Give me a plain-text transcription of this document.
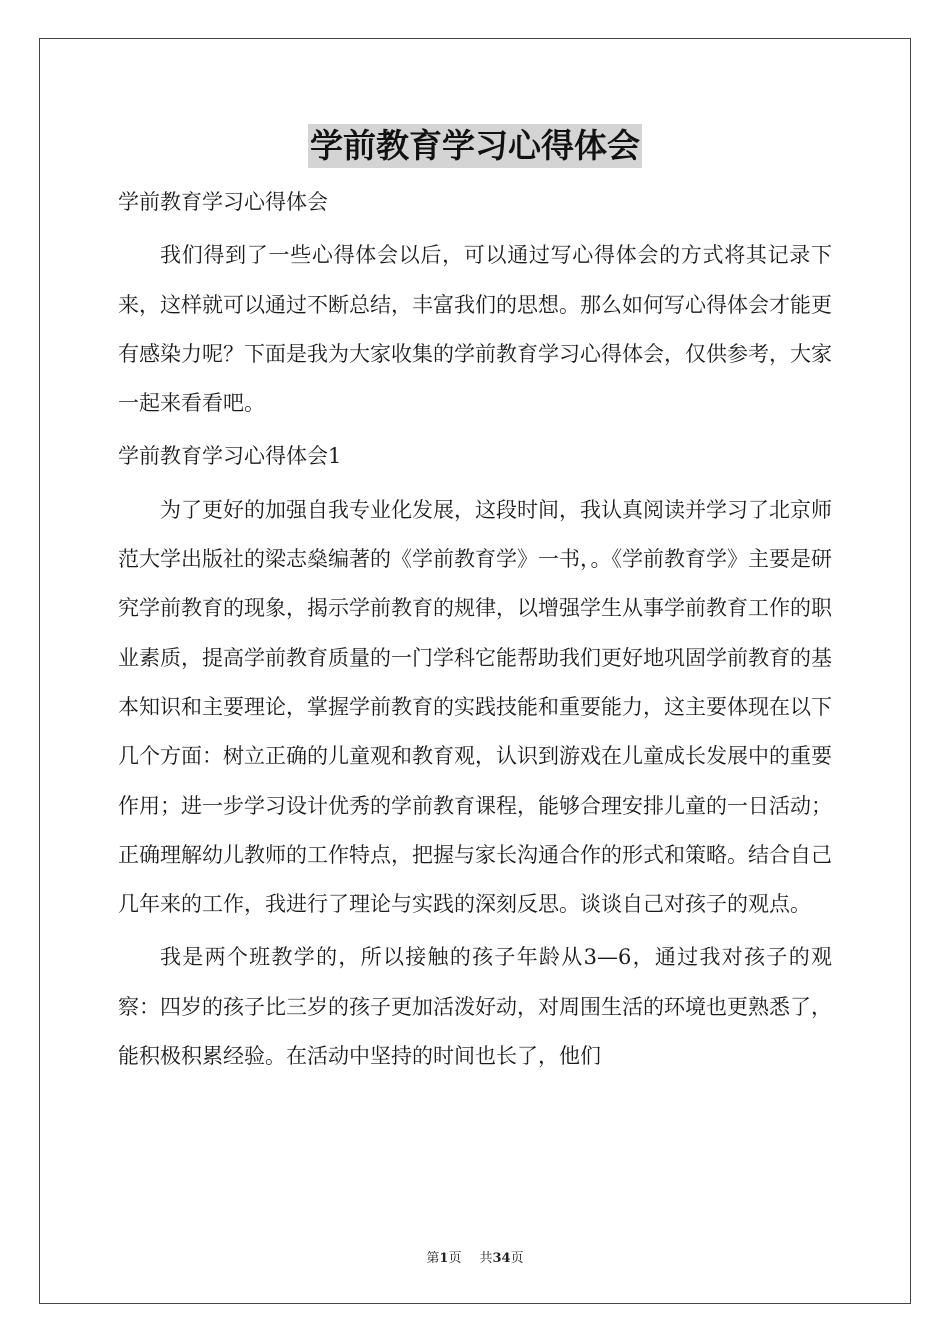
学前教育学习心得体会

学前教育学习心得体会

我们得到了一些心得体会以后，可以通过写心得体会的方式将其记录下来，这样就可以通过不断总结，丰富我们的思想。那么如何写心得体会才能更有感染力呢？下面是我为大家收集的学前教育学习心得体会，仅供参考，大家一起来看看吧。

学前教育学习心得体会1

为了更好的加强自我专业化发展，这段时间，我认真阅读并学习了北京师范大学出版社的梁志燊编著的《学前教育学》一书，。《学前教育学》主要是研究学前教育的现象，揭示学前教育的规律，以增强学生从事学前教育工作的职业素质，提高学前教育质量的一门学科它能帮助我们更好地巩固学前教育的基本知识和主要理论，掌握学前教育的实践技能和重要能力，这主要体现在以下几个方面：树立正确的儿童观和教育观，认识到游戏在儿童成长发展中的重要作用；进一步学习设计优秀的学前教育课程，能够合理安排儿童的一日活动；正确理解幼儿教师的工作特点，把握与家长沟通合作的形式和策略。结合自己几年来的工作，我进行了理论与实践的深刻反思。谈谈自己对孩子的观点。

我是两个班教学的，所以接触的孩子年龄从3—6，通过我对孩子的观察：四岁的孩子比三岁的孩子更加活泼好动，对周围生活的环境也更熟悉了，能积极积累经验。在活动中坚持的时间也长了，他们

第1页 共34页
